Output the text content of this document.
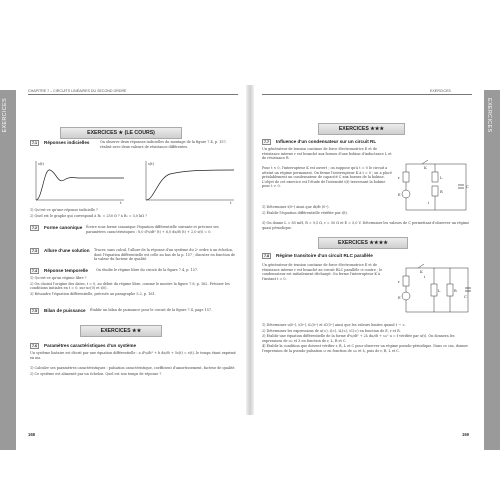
EXERCICES	EXERCICES
CHAPITRE 7 – CIRCUITS LINÉAIRES DU SECOND ORDRE	EXERCICES
EXERCICES ★ (LE COURS)
7.1	Réponses indicielles	On observe deux réponses indicielles du montage de la figure 7.4, p. 157, réalisé avec deux valeurs de résistance différentes.
s(t)
t
s(t)
t

1) Qu'est-ce qu'une réponse indicielle ?

2) Quel est le graphe qui correspond à R₁ = 250 Ω ? à R₂ = 5,0 kΩ ?

7.2	Forme canonique Écrire sous forme canonique l'équation différentielle suivante et préciser ses paramètres caractéristiques : 8,0 d²s/dt² (t) + 6,0 ds/dt (t) + 2,0 s(t) = 0.
7.3	Allure d'une solution Tracer, sans calcul, l'allure de la réponse d'un système du 2ᵉ ordre à un échelon, dont l'équation différentielle est celle au bas de la p. 157 ; discuter en fonction de la valeur du facteur de qualité.
7.4	Réponse temporelle On étudie le régime libre du circuit de la figure 7.4, p. 157.

1) Qu'est-ce qu'un régime libre ?

2) On choisit l'origine des dates, t = 0, au début du régime libre, comme le montre la figure 7.8, p. 162. Préciser les conditions initiales en t = 0, sur uc(0) et i(0).

3) Résoudre l'équation différentielle, précisée au paragraphe 5.2, p. 161.

7.5	Bilan de puissance Établir un bilan de puissance pour le circuit de la figure 7.4, page 157.
EXERCICES ★★
7.6	Paramètres caractéristiques d'un système
Un système linéaire est décrit par une équation différentielle : a d²s/dt² + b ds/dt + 5s(t) = e(t), le temps étant exprimé en ms.

1) Calculer ses paramètres caractéristiques : pulsation caractéristique, coefficient d'amortissement, facteur de qualité.

2) Ce système est alimenté par un échelon. Quel est son temps de réponse ?

168
EXERCICES ★★★
7.7	Influence d'un condensateur sur un circuit RL
Un générateur de tension continue de force électromotrice E et de résistance interne r est branché aux bornes d'une bobine d'inductance L et de résistance R.
Pour t < 0, l'interrupteur K est ouvert ; on suppose qu'à t = 0 le circuit a atteint un régime permanent. On ferme l'interrupteur K à t = 0 ; on a placé préalablement un condensateur de capacité C aux bornes de la bobine. L'objet de cet exercice est l'étude de l'intensité i(t) traversant la bobine pour t > 0.
r
E
K
L
R
C
i

1) Déterminer i(0⁺) ainsi que di/dt (0⁺).

2) Établir l'équation différentielle vérifiée par i(t).

3) On donne L = 85 mH, R = 9,5 Ω, r = 50 Ω et E = 5,0 V. Déterminer les valeurs de C permettant d'observer un régime quasi périodique.
EXERCICES ★★★★
7.8	Régime transitoire d'un circuit RLC parallèle
Un générateur de tension continue de force électromotrice E et de résistance interne r est branché au circuit RLC parallèle ci-contre ; le condensateur est initialement déchargé. On ferme l'interrupteur K à l'instant t = 0.
r
E
K
i
L	R
C

1) Déterminer u(0⁺), i(0⁺), iL(0⁺) et iC(0⁺) ainsi que les valeurs limites quand t → ∞.

2) Déterminer les expressions de u(∞), i(∞), iL(∞), iC(∞) en fonction de E, r et R.

3) Établir une équation différentielle de la forme d²u/dt² + 2λ du/dt + ω₀² u = f vérifiée par u(t). On donnera les expressions de ω₀ et λ en fonction de r, L, R et C.

4) Établir la condition que doivent vérifier r, R, L et C pour observer un régime pseudo-périodique. Dans ce cas, donner l'expression de la pseudo-pulsation ω en fonction de ω₀ et λ, puis de r, R, L et C.

169
